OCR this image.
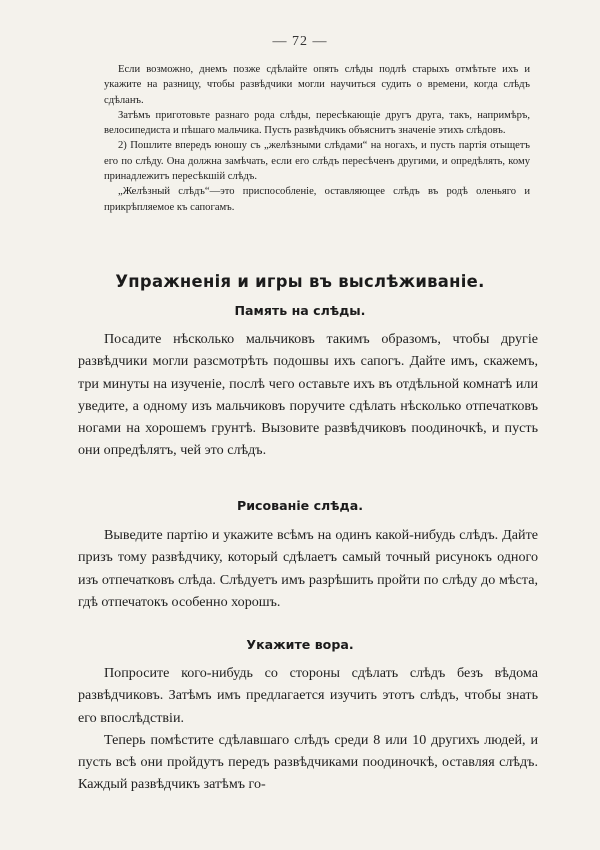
— 72 —

Если возможно, днемъ позже сдѣлайте опять слѣды подлѣ старыхъ отмѣтьте ихъ и укажите на разницу, чтобы развѣдчики могли научиться судить о времени, когда слѣдъ сдѣланъ.

Затѣмъ приготовьте разнаго рода слѣды, пересѣкающіе другъ друга, такъ, напримѣръ, велосипедиста и пѣшаго мальчика. Пусть развѣдчикъ объяснитъ значеніе этихъ слѣдовъ.

2) Пошлите впередъ юношу съ „желѣзными слѣдами“ на ногахъ, и пусть партія отыщетъ его по слѣду. Она должна замѣчать, если его слѣдъ пересѣченъ другими, и опредѣлять, кому принадлежитъ пересѣкшій слѣдъ.

„Желѣзный слѣдъ“—это приспособленіе, оставляющее слѣдъ въ родѣ оленьяго и прикрѣпляемое къ сапогамъ.

Упражненія и игры въ выслѣживаніе.
Память на слѣды.

Посадите нѣсколько мальчиковъ такимъ образомъ, чтобы другіе развѣдчики могли разсмотрѣть подошвы ихъ сапогъ. Дайте имъ, скажемъ, три минуты на изученіе, послѣ чего оставьте ихъ въ отдѣльной комнатѣ или уведите, а одному изъ мальчиковъ поручите сдѣлать нѣсколько отпечатковъ ногами на хорошемъ грунтѣ. Вызовите развѣдчиковъ поодиночкѣ, и пусть они опредѣлятъ, чей это слѣдъ.

Рисованіе слѣда.

Выведите партію и укажите всѣмъ на одинъ какой-нибудь слѣдъ. Дайте призъ тому развѣдчику, который сдѣлаетъ самый точный рисунокъ одного изъ отпечатковъ слѣда. Слѣдуетъ имъ разрѣшить пройти по слѣду до мѣста, гдѣ отпечатокъ особенно хорошъ.

Укажите вора.

Попросите кого-нибудь со стороны сдѣлать слѣдъ безъ вѣдома развѣдчиковъ. Затѣмъ имъ предлагается изучить этотъ слѣдъ, чтобы знать его впослѣдствіи.

Теперь помѣстите сдѣлавшаго слѣдъ среди 8 или 10 другихъ людей, и пусть всѣ они пройдутъ передъ развѣдчиками поодиночкѣ, оставляя слѣдъ. Каждый развѣдчикъ затѣмъ го-
